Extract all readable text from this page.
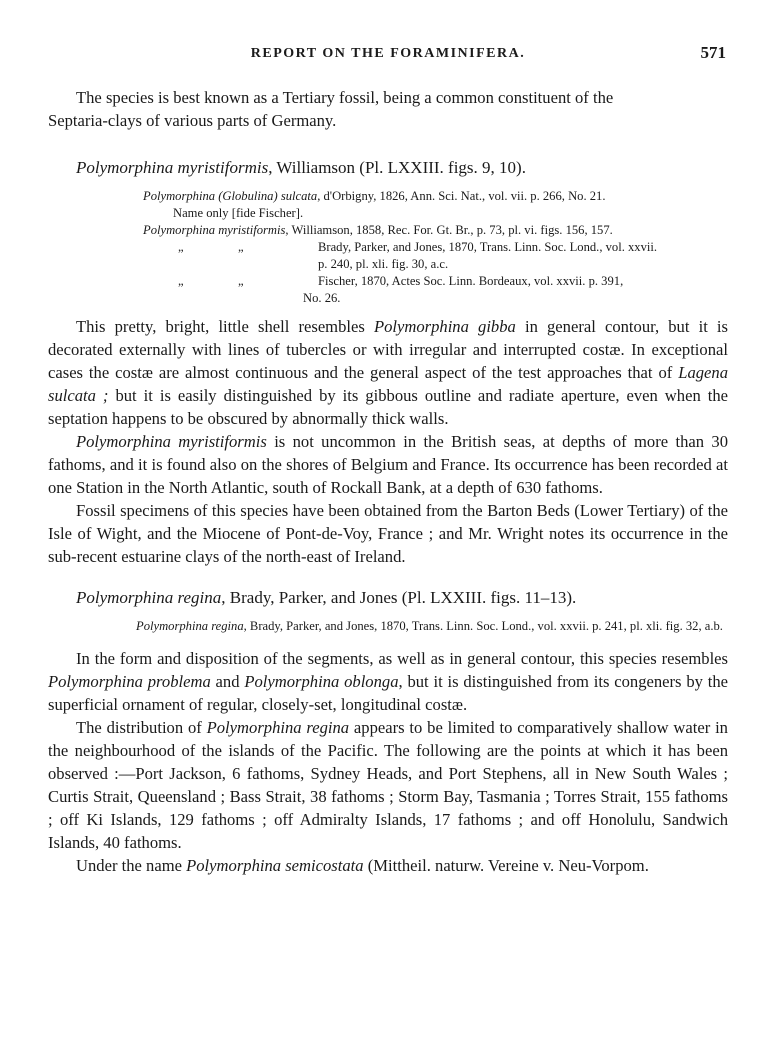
REPORT ON THE FORAMINIFERA.	571

The species is best known as a Tertiary fossil, being a common constituent of the

Septaria-clays of various parts of Germany.

Polymorphina myristiformis, Williamson (Pl. LXXIII. figs. 9, 10).

Polymorphina (Globulina) sulcata, d'Orbigny, 1826, Ann. Sci. Nat., vol. vii. p. 266, No. 21.
Name only [fide Fischer].
Polymorphina myristiformis, Williamson, 1858, Rec. For. Gt. Br., p. 73, pl. vi. figs. 156, 157.
„	„	Brady, Parker, and Jones, 1870, Trans. Linn. Soc. Lond., vol. xxvii.
p. 240, pl. xli. fig. 30, a.c.
„	„	Fischer, 1870, Actes Soc. Linn. Bordeaux, vol. xxvii. p. 391,
No. 26.

This pretty, bright, little shell resembles Polymorphina gibba in general contour, but it is decorated externally with lines of tubercles or with irregular and interrupted costæ. In exceptional cases the costæ are almost continuous and the general aspect of the test approaches that of Lagena sulcata ; but it is easily distinguished by its gibbous outline and radiate aperture, even when the septation happens to be obscured by abnormally thick walls.

Polymorphina myristiformis is not uncommon in the British seas, at depths of more than 30 fathoms, and it is found also on the shores of Belgium and France. Its occurrence has been recorded at one Station in the North Atlantic, south of Rockall Bank, at a depth of 630 fathoms.

Fossil specimens of this species have been obtained from the Barton Beds (Lower Tertiary) of the Isle of Wight, and the Miocene of Pont-de-Voy, France ; and Mr. Wright notes its occurrence in the sub-recent estuarine clays of the north-east of Ireland.

Polymorphina regina, Brady, Parker, and Jones (Pl. LXXIII. figs. 11–13).

Polymorphina regina, Brady, Parker, and Jones, 1870, Trans. Linn. Soc. Lond., vol. xxvii. p. 241, pl. xli. fig. 32, a.b.

In the form and disposition of the segments, as well as in general contour, this species resembles Polymorphina problema and Polymorphina oblonga, but it is distinguished from its congeners by the superficial ornament of regular, closely-set, longitudinal costæ.

The distribution of Polymorphina regina appears to be limited to comparatively shallow water in the neighbourhood of the islands of the Pacific. The following are the points at which it has been observed :—Port Jackson, 6 fathoms, Sydney Heads, and Port Stephens, all in New South Wales ; Curtis Strait, Queensland ; Bass Strait, 38 fathoms ; Storm Bay, Tasmania ; Torres Strait, 155 fathoms ; off Ki Islands, 129 fathoms ; off Admiralty Islands, 17 fathoms ; and off Honolulu, Sandwich Islands, 40 fathoms.

Under the name Polymorphina semicostata (Mittheil. naturw. Vereine v. Neu-Vorpom.
